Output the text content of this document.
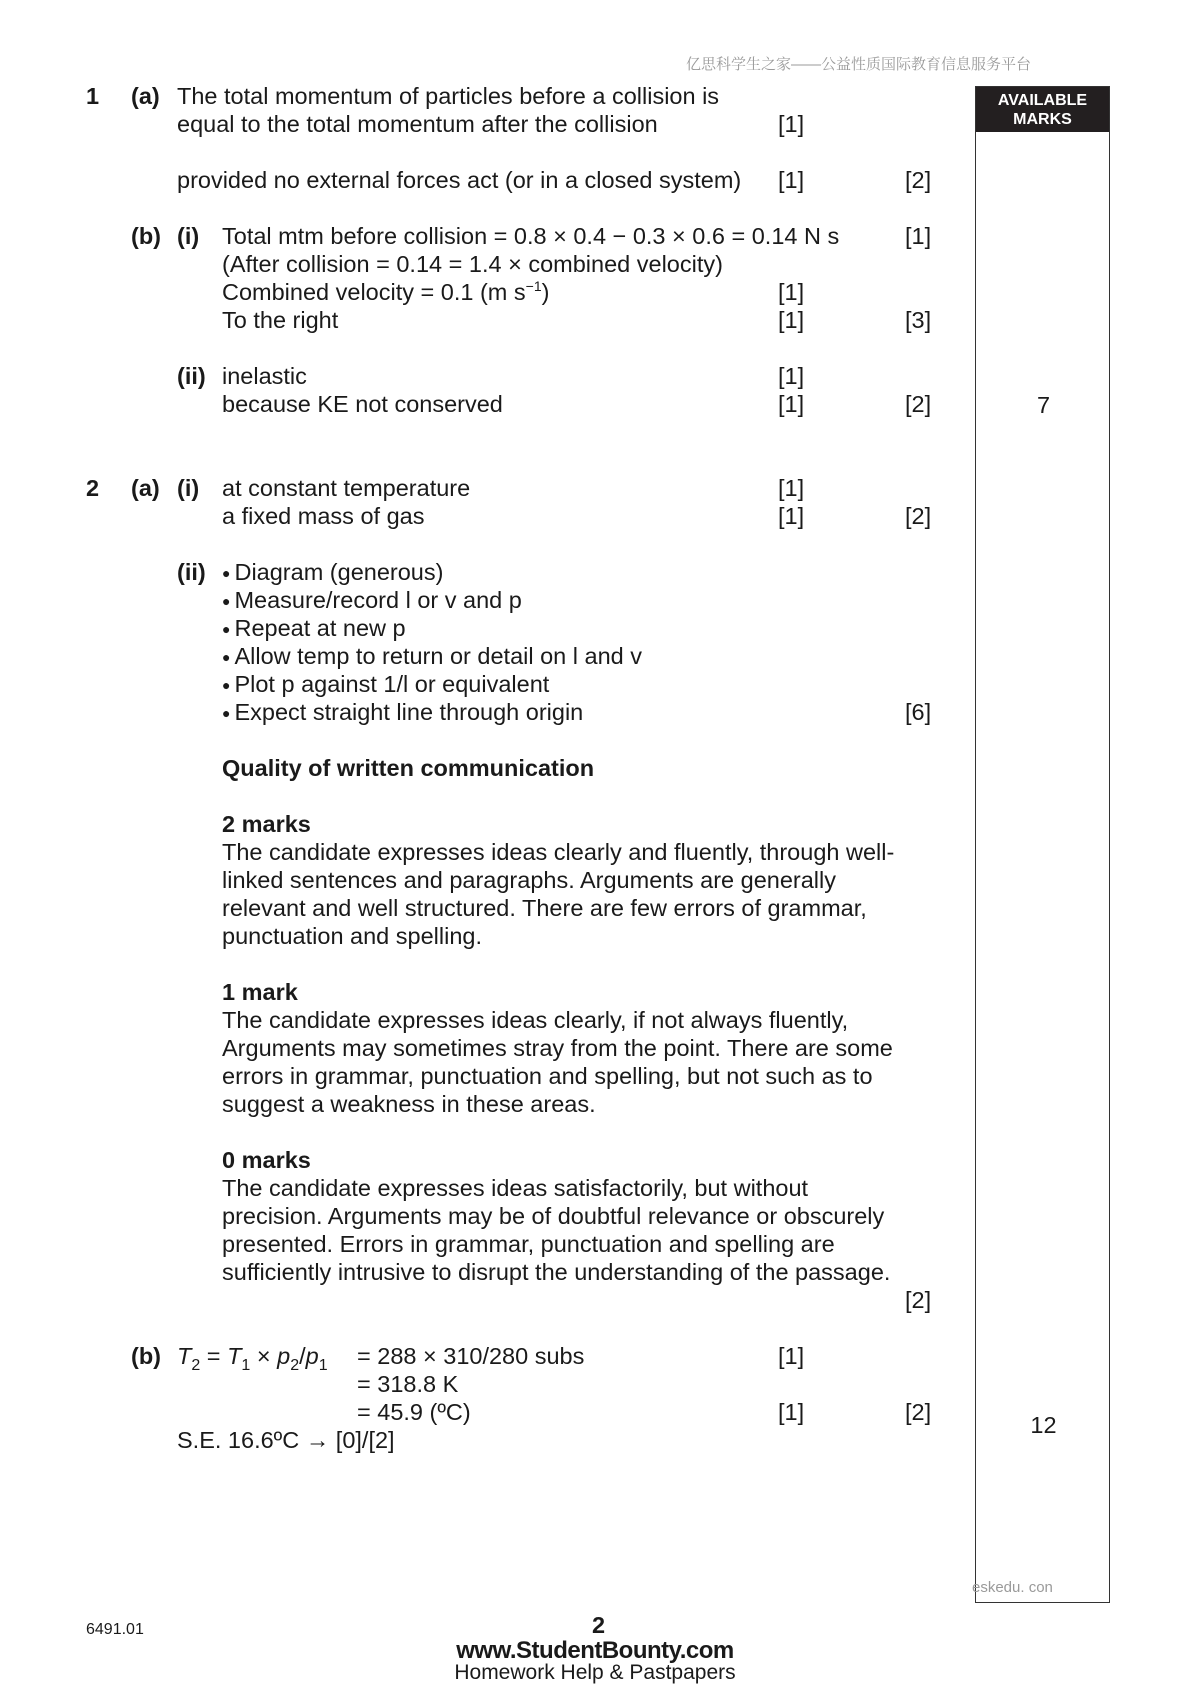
亿思科学生之家——公益性质国际教育信息服务平台
AVAILABLE
MARKS
7
12
1 (a) The total momentum of particles before a collision is
equal to the total momentum after the collision	[1]
provided no external forces act (or in a closed system) [1]	[2]
(b) (i) Total mtm before collision = 0.8 × 0.4 − 0.3 × 0.6 = 0.14 N s	[1]
(After collision = 0.14 = 1.4 × combined velocity)
Combined velocity = 0.1 (m $s^{-1}$)	[1]
To the right	[1]	[3]
(ii) inelastic	[1]
because KE not conserved	[1]	[2]
2 (a) (i) at constant temperature	[1]
a fixed mass of gas	[1]	[2]
(ii) ● Diagram (generous)
● Measure/record l or v and p
● Repeat at new p
● Allow temp to return or detail on l and v
● Plot p against 1/l or equivalent
● Expect straight line through origin	[6]
Quality of written communication
2 marks
The candidate expresses ideas clearly and fluently, through well-linked sentences and paragraphs. Arguments are generally relevant and well structured. There are few errors of grammar, punctuation and spelling.
1 mark
The candidate expresses ideas clearly, if not always fluently, Arguments may sometimes stray from the point. There are some errors in grammar, punctuation and spelling, but not such as to suggest a weakness in these areas.
0 marks
The candidate expresses ideas satisfactorily, but without precision. Arguments may be of doubtful relevance or obscurely presented. Errors in grammar, punctuation and spelling are sufficiently intrusive to disrupt the understanding of the passage.
[2]
(b) $T_2 = T_1 \times p_2/p_1 = 288 \times 310/280$ subs	[1]
= 318.8 K
= 45.9 (ºC)	[1]	[2]
S.E. 16.6ºC → [0]/[2]
eskedu. con
6491.01	2
www.StudentBounty.com
Homework Help & Pastpapers
